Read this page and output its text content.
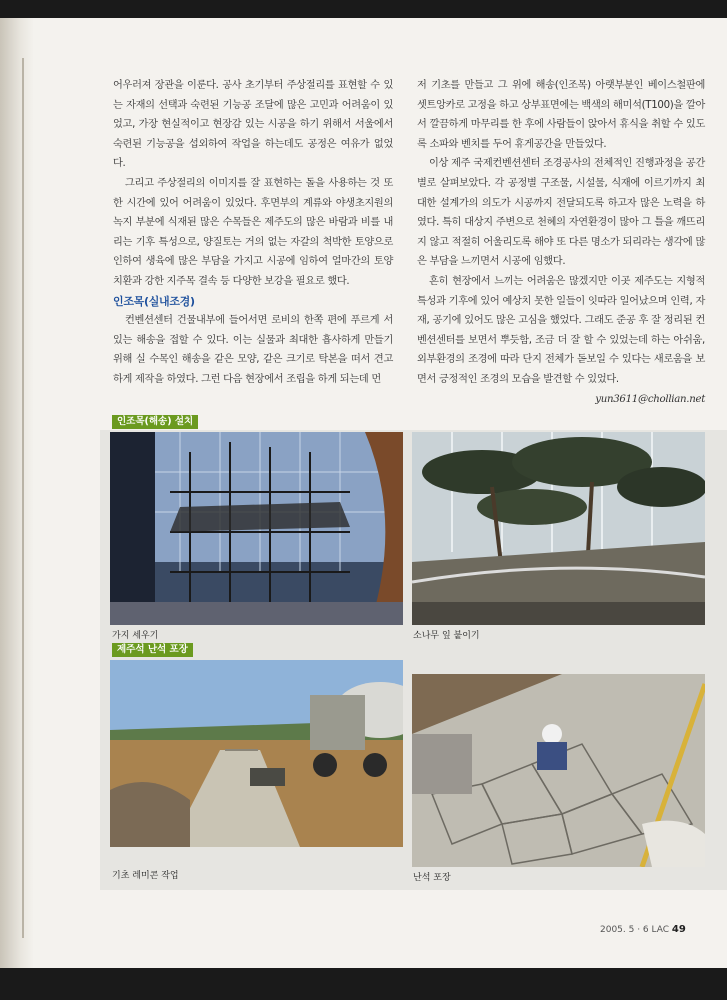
어우러져 장관을 이룬다. 공사 초기부터 주상절리를 표현할 수 있는 자재의 선택과 숙련된 기능공 조달에 많은 고민과 어려움이 있었고, 가장 현실적이고 현장감 있는 시공을 하기 위해서 서울에서 숙련된 기능공을 섭외하여 작업을 하는데도 공정은 여유가 없었다.

그리고 주상절리의 이미지를 잘 표현하는 돌을 사용하는 것 또한 시간에 있어 어려움이 있었다. 후면부의 계류와 야생초지원의 녹지 부분에 식재된 많은 수목들은 제주도의 많은 바람과 비를 내리는 기후 특성으로, 양질토는 거의 없는 자갈의 척박한 토양으로 인하여 생육에 많은 부담을 가지고 시공에 임하여 얼마간의 토양 치환과 강한 지주목 결속 등 다양한 보강을 필요로 했다.

인조목(실내조경)

컨벤션센터 건물내부에 들어서면 로비의 한쪽 편에 푸르게 서 있는 해송을 접할 수 있다. 이는 실물과 최대한 흡사하게 만들기 위해 실 수목인 해송을 같은 모양, 같은 크기로 탁본을 떠서 견고하게 제작을 하였다. 그런 다음 현장에서 조립을 하게 되는데 먼

저 기초를 만들고 그 위에 해송(인조목) 아랫부분인 베이스철판에 셋트앙카로 고정을 하고 상부표면에는 백색의 해미석(T100)을 깔아서 깔끔하게 마무리를 한 후에 사람들이 앉아서 휴식을 취할 수 있도록 소파와 벤치를 두어 휴게공간을 만들었다.

이상 제주 국제컨벤션센터 조경공사의 전체적인 진행과정을 공간별로 살펴보았다. 각 공정별 구조물, 시설물, 식재에 이르기까지 최대한 설계가의 의도가 시공까지 전달되도록 하고자 많은 노력을 하였다. 특히 대상지 주변으로 천혜의 자연환경이 많아 그 틀을 깨뜨리지 않고 적절히 어울리도록 해야 또 다른 명소가 되리라는 생각에 많은 부담을 느끼면서 시공에 임했다.

흔히 현장에서 느끼는 어려움은 많겠지만 이곳 제주도는 지형적 특성과 기후에 있어 예상치 못한 일들이 잇따라 일어났으며 인력, 자재, 공기에 있어도 많은 고심을 했었다. 그래도 준공 후 잘 정리된 컨벤션센터를 보면서 뿌듯함, 조금 더 잘 할 수 있었는데 하는 아쉬움, 외부환경의 조경에 따라 단지 전체가 돋보일 수 있다는 새로움을 보면서 긍정적인 조경의 모습을 발견할 수 있었다.

yun3611@chollian.net
인조목(해송) 설치
가지 세우기	소나무 잎 붙이기
제주석 난석 포장
기초 레미콘 작업	난석 포장
2005. 5 · 6 LAC 49
